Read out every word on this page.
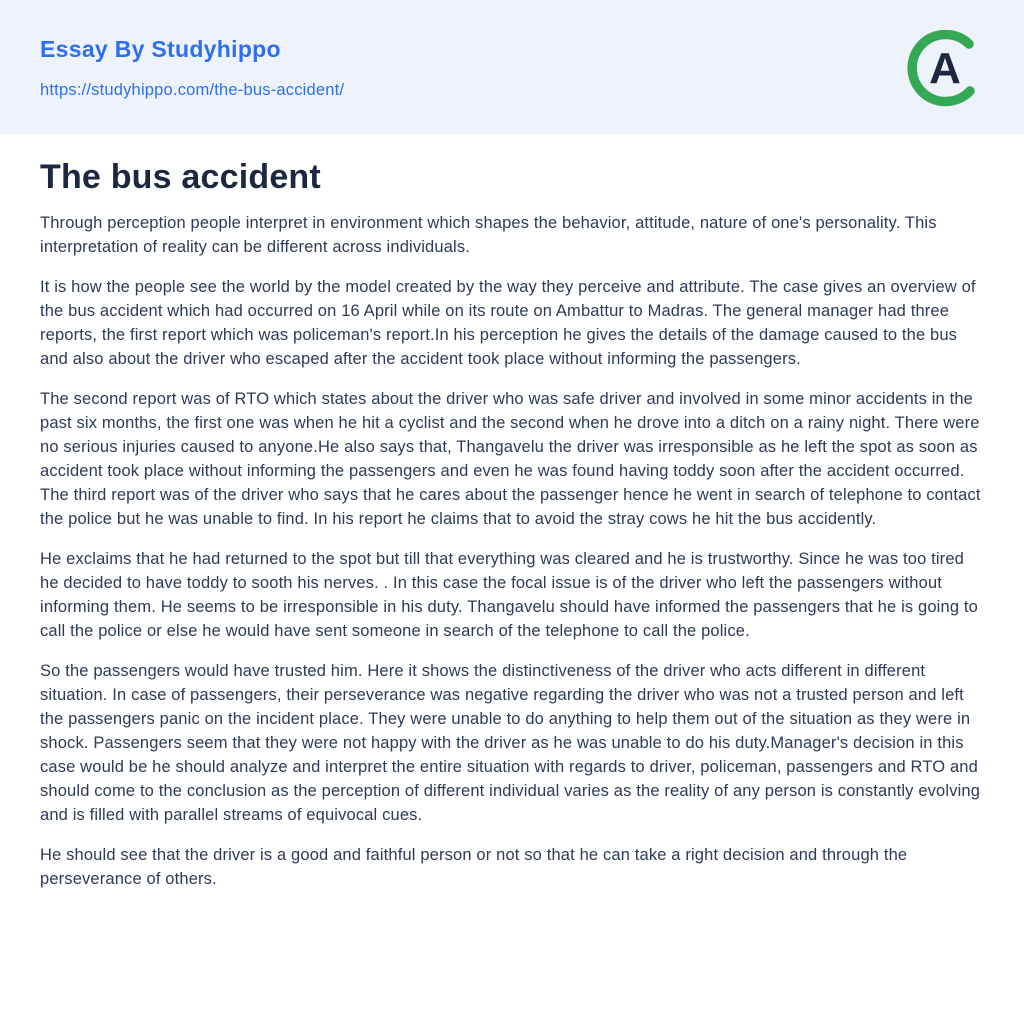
Essay By Studyhippo
https://studyhippo.com/the-bus-accident/	A
The bus accident

Through perception people interpret in environment which shapes the behavior, attitude, nature of one's personality. This interpretation of reality can be different across individuals.

It is how the people see the world by the model created by the way they perceive and attribute. The case gives an overview of the bus accident which had occurred on 16 April while on its route on Ambattur to Madras. The general manager had three reports, the first report which was policeman's report.In his perception he gives the details of the damage caused to the bus and also about the driver who escaped after the accident took place without informing the passengers.

The second report was of RTO which states about the driver who was safe driver and involved in some minor accidents in the past six months, the first one was when he hit a cyclist and the second when he drove into a ditch on a rainy night. There were no serious injuries caused to anyone.He also says that, Thangavelu the driver was irresponsible as he left the spot as soon as accident took place without informing the passengers and even he was found having toddy soon after the accident occurred. The third report was of the driver who says that he cares about the passenger hence he went in search of telephone to contact the police but he was unable to find. In his report he claims that to avoid the stray cows he hit the bus accidently.

He exclaims that he had returned to the spot but till that everything was cleared and he is trustworthy. Since he was too tired he decided to have toddy to sooth his nerves. . In this case the focal issue is of the driver who left the passengers without informing them. He seems to be irresponsible in his duty. Thangavelu should have informed the passengers that he is going to call the police or else he would have sent someone in search of the telephone to call the police.

So the passengers would have trusted him. Here it shows the distinctiveness of the driver who acts different in different situation. In case of passengers, their perseverance was negative regarding the driver who was not a trusted person and left the passengers panic on the incident place. They were unable to do anything to help them out of the situation as they were in shock. Passengers seem that they were not happy with the driver as he was unable to do his duty.Manager's decision in this case would be he should analyze and interpret the entire situation with regards to driver, policeman, passengers and RTO and should come to the conclusion as the perception of different individual varies as the reality of any person is constantly evolving and is filled with parallel streams of equivocal cues.

He should see that the driver is a good and faithful person or not so that he can take a right decision and through the perseverance of others.
